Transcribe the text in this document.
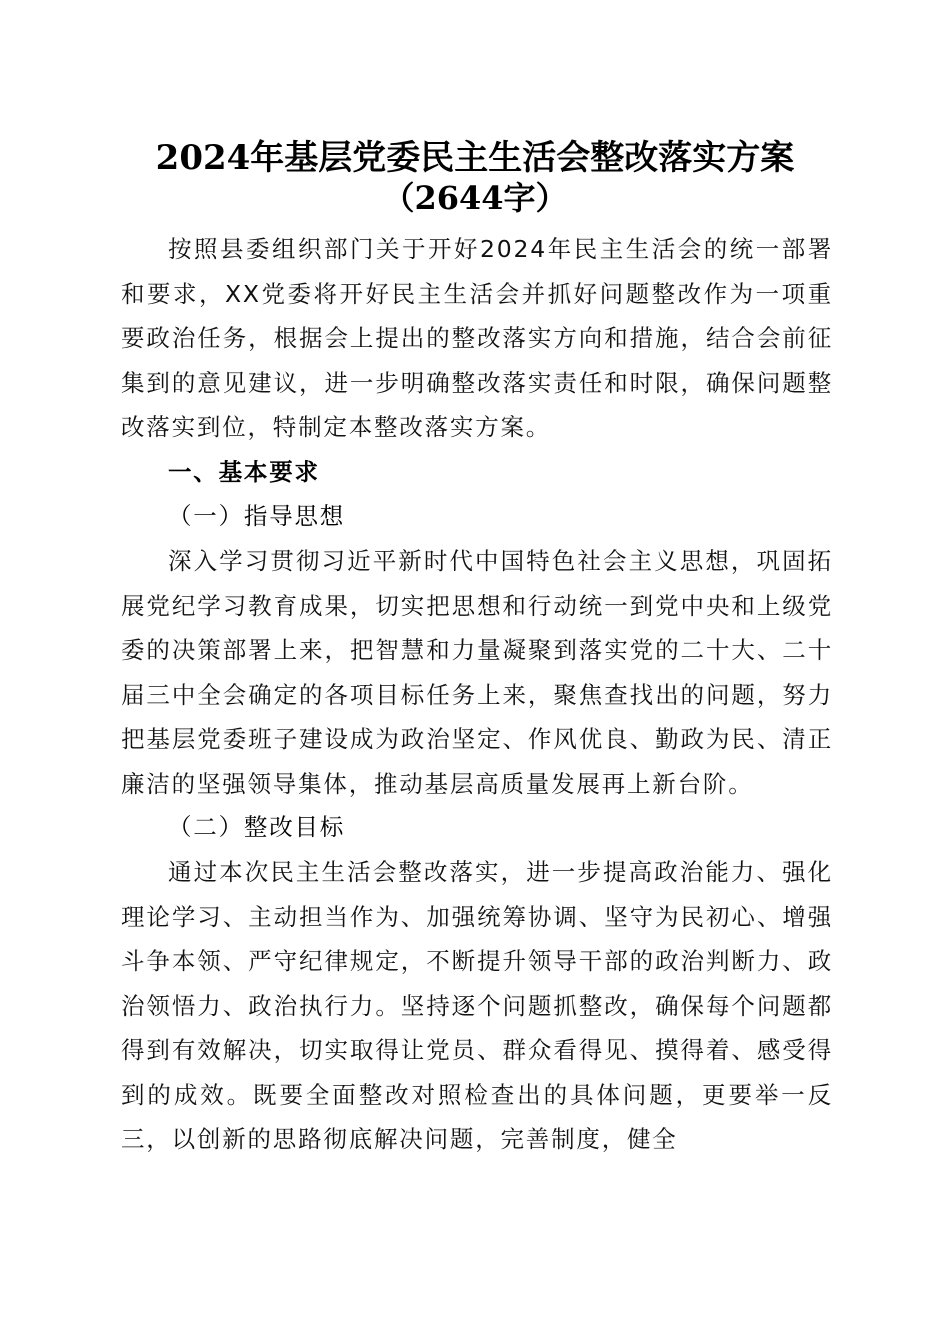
2024年基层党委民主生活会整改落实方案
（2644字）

按照县委组织部门关于开好2024年民主生活会的统一部署和要求，XX党委将开好民主生活会并抓好问题整改作为一项重要政治任务，根据会上提出的整改落实方向和措施，结合会前征集到的意见建议，进一步明确整改落实责任和时限，确保问题整改落实到位，特制定本整改落实方案。

一、基本要求

（一）指导思想

深入学习贯彻习近平新时代中国特色社会主义思想，巩固拓展党纪学习教育成果，切实把思想和行动统一到党中央和上级党委的决策部署上来，把智慧和力量凝聚到落实党的二十大、二十届三中全会确定的各项目标任务上来，聚焦查找出的问题，努力把基层党委班子建设成为政治坚定、作风优良、勤政为民、清正廉洁的坚强领导集体，推动基层高质量发展再上新台阶。

（二）整改目标

通过本次民主生活会整改落实，进一步提高政治能力、强化理论学习、主动担当作为、加强统筹协调、坚守为民初心、增强斗争本领、严守纪律规定，不断提升领导干部的政治判断力、政治领悟力、政治执行力。坚持逐个问题抓整改，确保每个问题都得到有效解决，切实取得让党员、群众看得见、摸得着、感受得到的成效。既要全面整改对照检查出的具体问题，更要举一反三，以创新的思路彻底解决问题，完善制度，健全
